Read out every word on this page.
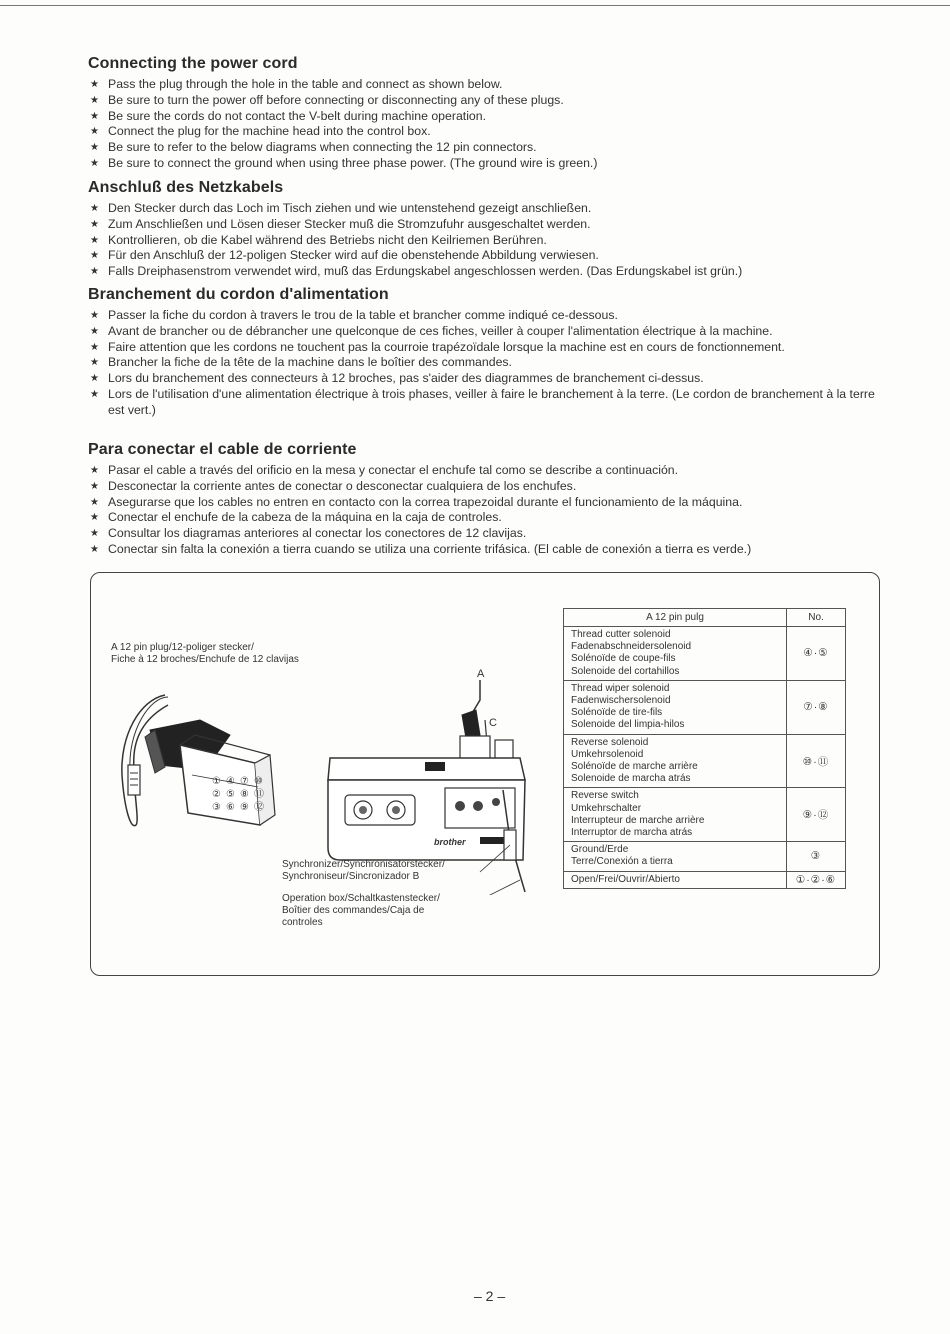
Connecting the power cord
★ Pass the plug through the hole in the table and connect as shown below.
★ Be sure to turn the power off before connecting or disconnecting any of these plugs.
★ Be sure the cords do not contact the V-belt during machine operation.
★ Connect the plug for the machine head into the control box.
★ Be sure to refer to the below diagrams when connecting the 12 pin connectors.
★ Be sure to connect the ground when using three phase power. (The ground wire is green.)
Anschluß des Netzkabels
★ Den Stecker durch das Loch im Tisch ziehen und wie untenstehend gezeigt anschließen.
★ Zum Anschließen und Lösen dieser Stecker muß die Stromzufuhr ausgeschaltet werden.
★ Kontrollieren, ob die Kabel während des Betriebs nicht den Keilriemen Berühren.
★ Für den Anschluß der 12-poligen Stecker wird auf die obenstehende Abbildung verwiesen.
★ Falls Dreiphasenstrom verwendet wird, muß das Erdungskabel angeschlossen werden. (Das Erdungskabel ist grün.)
Branchement du cordon d'alimentation
★ Passer la fiche du cordon à travers le trou de la table et brancher comme indiqué ce-dessous.
★ Avant de brancher ou de débrancher une quelconque de ces fiches, veiller à couper l'alimentation électrique à la machine.
★ Faire attention que les cordons ne touchent pas la courroie trapézoïdale lorsque la machine est en cours de fonctionnement.
★ Brancher la fiche de la tête de la machine dans le boîtier des commandes.
★ Lors du branchement des connecteurs à 12 broches, pas s'aider des diagrammes de branchement ci-dessus.
★ Lors de l'utilisation d'une alimentation électrique à trois phases, veiller à faire le branchement à la terre. (Le cordon de branchement à la terre est vert.)
Para conectar el cable de corriente
★ Pasar el cable a través del orificio en la mesa y conectar el enchufe tal como se describe a continuación.
★ Desconectar la corriente antes de conectar o desconectar cualquiera de los enchufes.
★ Asegurarse que los cables no entren en contacto con la correa trapezoidal durante el funcionamiento de la máquina.
★ Conectar el enchufe de la cabeza de la máquina en la caja de controles.
★ Consultar los diagramas anteriores al conectar los conectores de 12 clavijas.
★ Conectar sin falta la conexión a tierra cuando se utiliza una corriente trifásica. (El cable de conexión a tierra es verde.)
A 12 pin plug/12-poliger stecker/
Fiche à 12 broches/Enchufe de 12 clavijas
① ④ ⑦ ⑩
② ⑤ ⑧ ⑪
③ ⑥ ⑨ ⑫
A
C
brother
Synchronizer/Synchronisatorstecker/
Synchroniseur/Sincronizador B
Operation box/Schaltkastenstecker/
Boîtier des commandes/Caja de
controles
A 12 pin pulg	No.

Thread cutter solenoid
Fadenabschneidersolenoid
Solénoïde de coupe-fils
Solenoide del cortahillos	④·⑤

Thread wiper solenoid
Fadenwischersolenoid
Solénoïde de tire-fils
Solenoide del limpia-hilos	⑦·⑧

Reverse solenoid
Umkehrsolenoid
Solénoïde de marche arrière
Solenoide de marcha atrás	⑩·⑪

Reverse switch
Umkehrschalter
Interrupteur de marche arrière
Interruptor de marcha atrás	⑨·⑫

Ground/Erde
Terre/Conexión a tierra	③

Open/Frei/Ouvrir/Abierto	①·②·⑥
– 2 –
